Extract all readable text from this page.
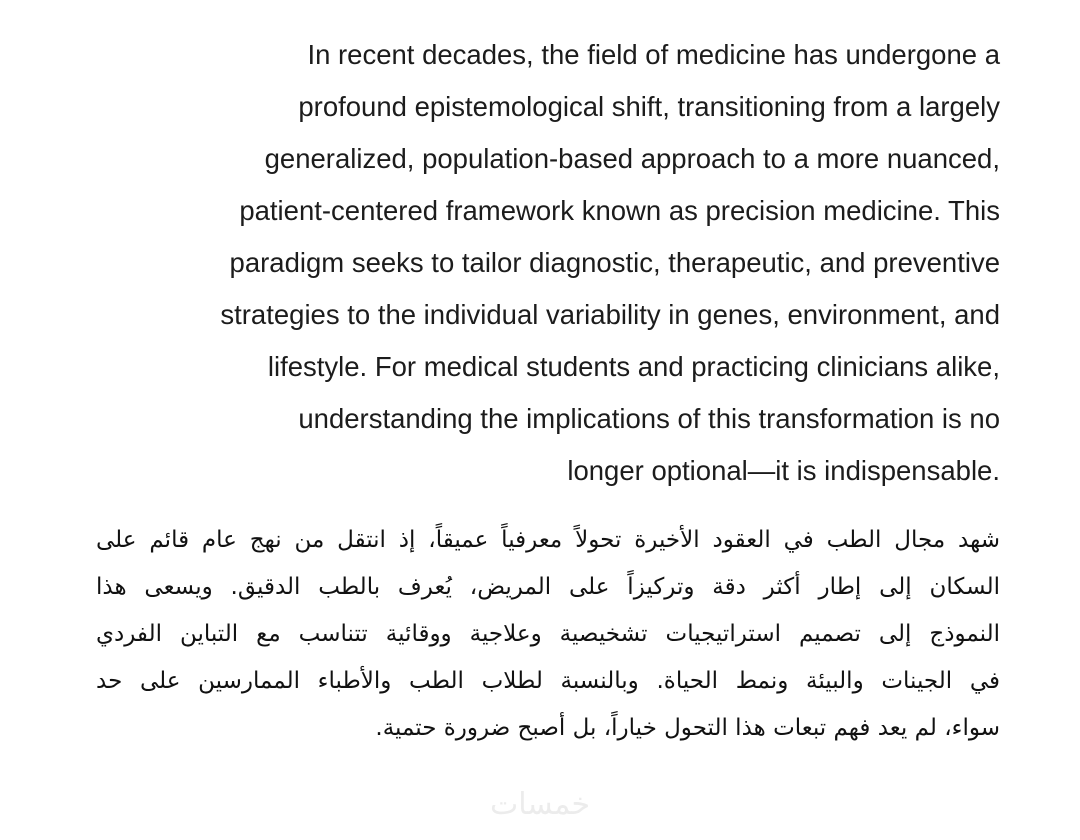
In recent decades, the field of medicine has undergone a
profound epistemological shift, transitioning from a largely
generalized, population-based approach to a more nuanced,
patient-centered framework known as precision medicine. This
paradigm seeks to tailor diagnostic, therapeutic, and preventive
strategies to the individual variability in genes, environment, and
lifestyle. For medical students and practicing clinicians alike,
understanding the implications of this transformation is no
longer optional—it is indispensable.
شهد مجال الطب في العقود الأخيرة تحولاً معرفياً عميقاً، إذ انتقل من نهج عام قائم على
السكان إلى إطار أكثر دقة وتركيزاً على المريض، يُعرف بالطب الدقيق. ويسعى هذا
النموذج إلى تصميم استراتيجيات تشخيصية وعلاجية ووقائية تتناسب مع التباين الفردي
في الجينات والبيئة ونمط الحياة. وبالنسبة لطلاب الطب والأطباء الممارسين على حد
سواء، لم يعد فهم تبعات هذا التحول خياراً، بل أصبح ضرورة حتمية.
خمسات
